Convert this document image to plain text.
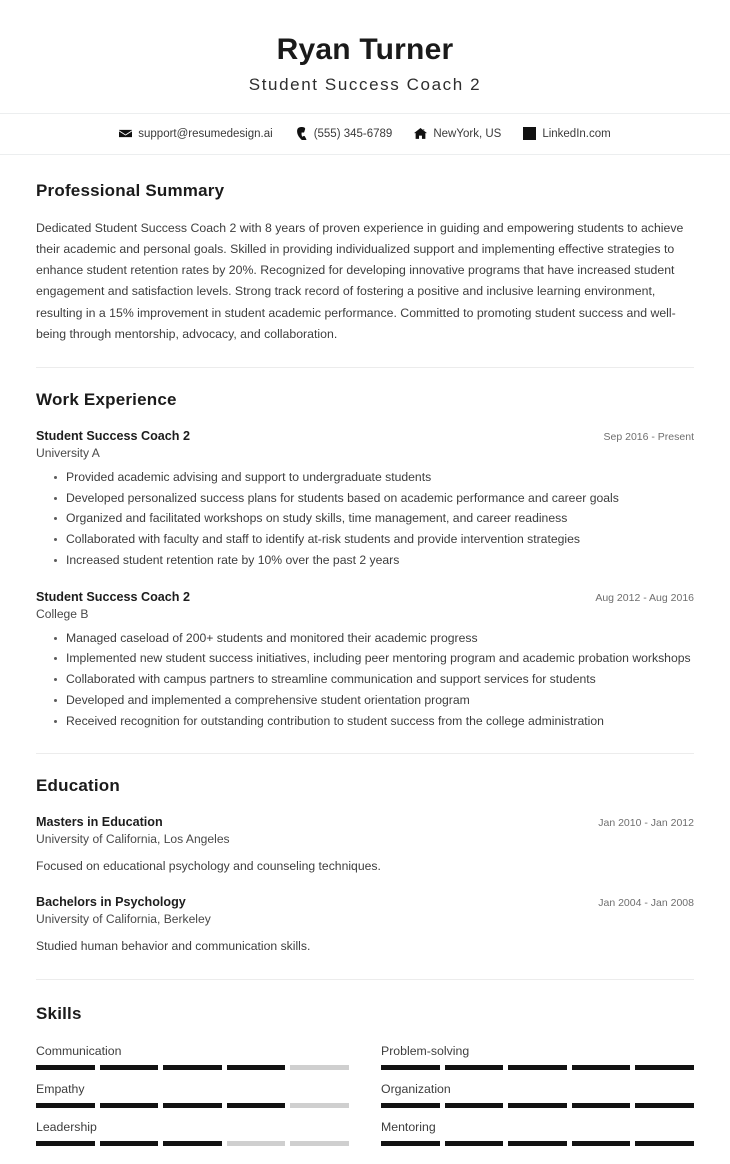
Ryan Turner
Student Success Coach 2
support@resumedesign.ai	(555) 345-6789	NewYork, US	LinkedIn.com
Professional Summary

Dedicated Student Success Coach 2 with 8 years of proven experience in guiding and empowering students to achieve their academic and personal goals. Skilled in providing individualized support and implementing effective strategies to enhance student retention rates by 20%. Recognized for developing innovative programs that have increased student engagement and satisfaction levels. Strong track record of fostering a positive and inclusive learning environment, resulting in a 15% improvement in student academic performance. Committed to promoting student success and well-being through mentorship, advocacy, and collaboration.

Work Experience
Student Success Coach 2	Sep 2016 - Present
University A
Provided academic advising and support to undergraduate students
Developed personalized success plans for students based on academic performance and career goals
Organized and facilitated workshops on study skills, time management, and career readiness
Collaborated with faculty and staff to identify at-risk students and provide intervention strategies
Increased student retention rate by 10% over the past 2 years
Student Success Coach 2	Aug 2012 - Aug 2016
College B
Managed caseload of 200+ students and monitored their academic progress
Implemented new student success initiatives, including peer mentoring program and academic probation workshops
Collaborated with campus partners to streamline communication and support services for students
Developed and implemented a comprehensive student orientation program
Received recognition for outstanding contribution to student success from the college administration
Education
Masters in Education	Jan 2010 - Jan 2012
University of California, Los Angeles
Focused on educational psychology and counseling techniques.
Bachelors in Psychology	Jan 2004 - Jan 2008
University of California, Berkeley
Studied human behavior and communication skills.
Skills
Communication	Problem-solving
Empathy	Organization
Leadership	Mentoring
